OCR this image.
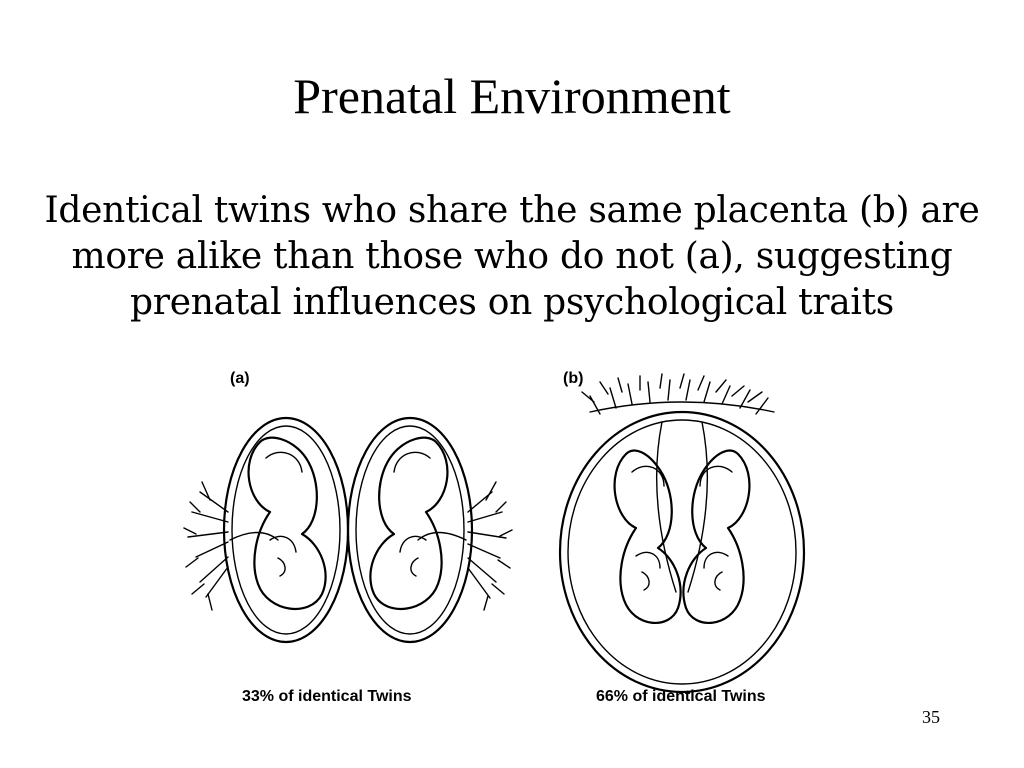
Prenatal Environment
Identical twins who share the same placenta (b) are more alike than those who do not (a), suggesting prenatal influences on psychological traits
(a)	(b)
33% of identical Twins	66% of identical Twins
35
